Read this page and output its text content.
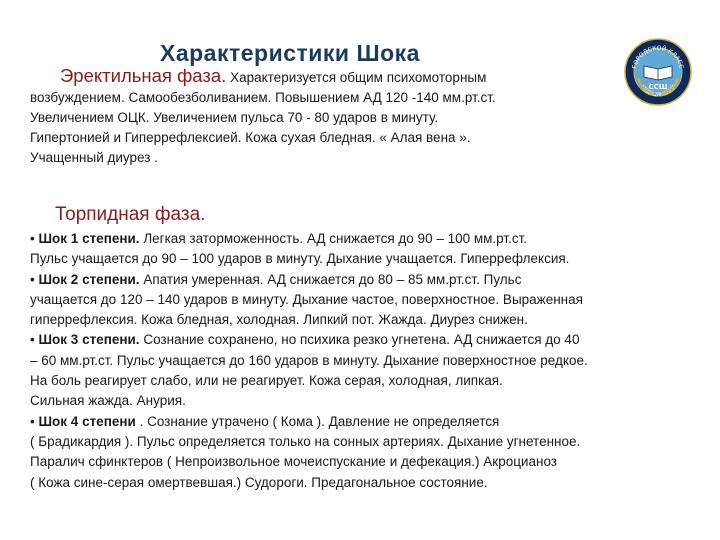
Характеристики Шока
ГОРОДСКОЙ КЛАСС
МЕДИЦИНСКИЙ
ССШ
Эректильная фаза. Характеризуется общим психомоторным
возбуждением. Самообезболиванием. Повышением АД 120 -140 мм.рт.ст.
Увеличением ОЦК. Увеличением пульса 70 - 80 ударов в минуту.
Гипертонией и Гиперрефлексией. Кожа сухая бледная. « Алая вена ».
Учащенный диурез .
Торпидная фаза.
• Шок 1 степени. Легкая заторможенность. АД снижается до 90 – 100 мм.рт.ст.
Пульс учащается до 90 – 100 ударов в минуту. Дыхание учащается. Гиперрефлексия.
• Шок 2 степени. Апатия умеренная. АД снижается до 80 – 85 мм.рт.ст. Пульс
учащается до 120 – 140 ударов в минуту. Дыхание частое, поверхностное. Выраженная
гиперрефлексия. Кожа бледная, холодная. Липкий пот. Жажда. Диурез снижен.
• Шок 3 степени. Сознание сохранено, но психика резко угнетена. АД снижается до 40
– 60 мм.рт.ст. Пульс учащается до 160 ударов в минуту. Дыхание поверхностное редкое.
На боль реагирует слабо, или не реагирует. Кожа серая, холодная, липкая.
Сильная жажда. Анурия.
• Шок 4 степени . Сознание утрачено ( Кома ). Давление не определяется
( Брадикардия ). Пульс определяется только на сонных артериях. Дыхание угнетенное.
Паралич сфинктеров ( Непроизвольное мочеиспускание и дефекация.) Акроцианоз
( Кожа сине-серая омертвевшая.) Судороги. Предагональное состояние.
